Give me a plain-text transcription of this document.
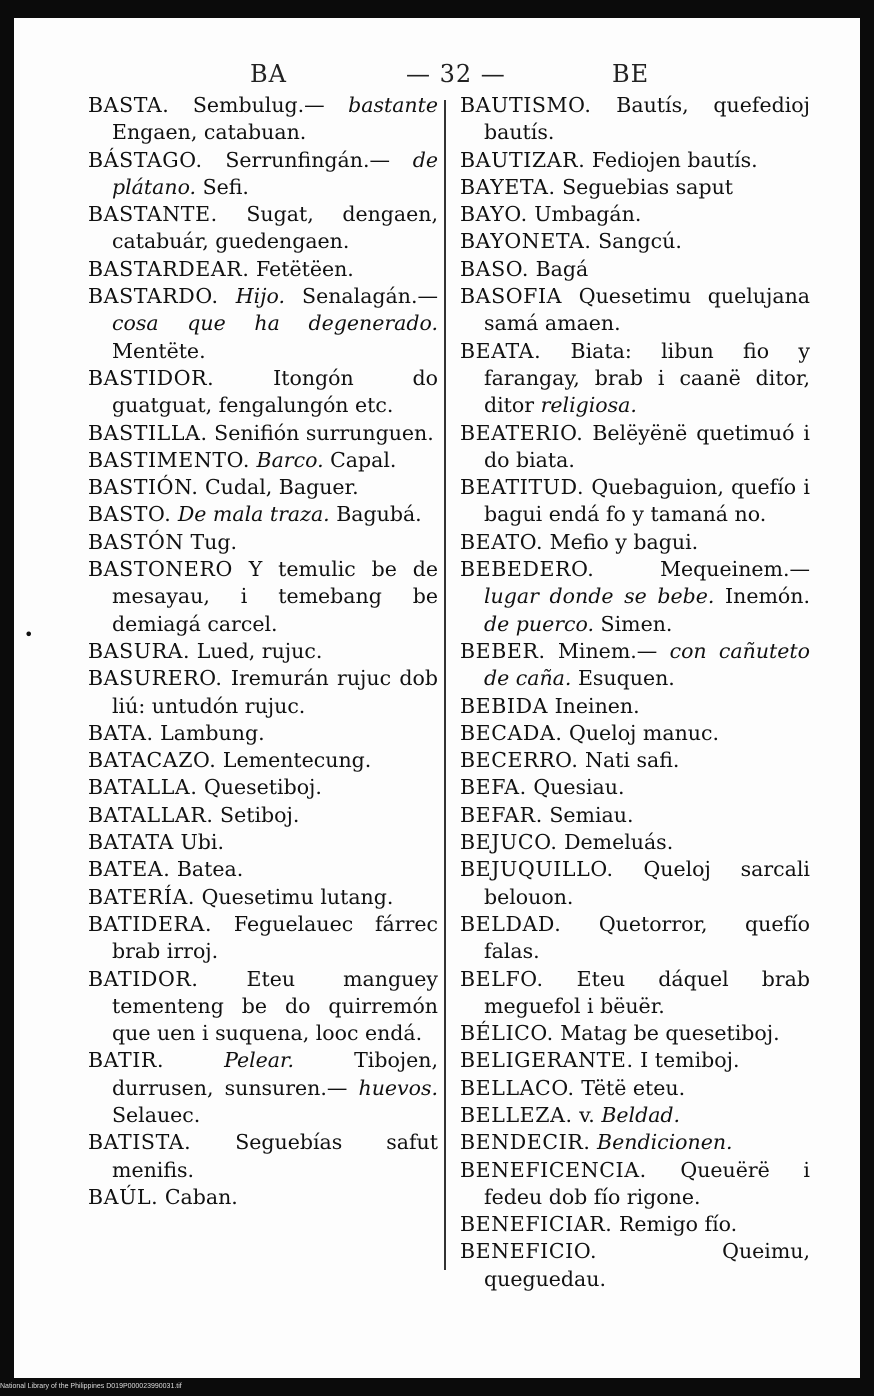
BA	— 32 —	BE
•

BASTA. Sembulug.— bastante Engaen, catabuan.

BÁSTAGO. Serrunfingán.— de plátano. Sefi.

BASTANTE. Sugat, dengaen, catabuár, guedengaen.

BASTARDEAR. Fetëtëen.

BASTARDO. Hijo. Senalagán.— cosa que ha degenerado. Mentëte.

BASTIDOR.	Itongón do guatguat, fengalungón etc.

BASTILLA. Senifión surrunguen.

BASTIMENTO. Barco. Capal.

BASTIÓN. Cudal, Baguer.

BASTO. De mala traza. Bagubá.

BASTÓN Tug.

BASTONERO Y temulic be de mesayau, i temebang be demiagá carcel.

BASURA. Lued, rujuc.

BASURERO. Iremurán rujuc dob liú: untudón rujuc.

BATA. Lambung.

BATACAZO. Lementecung.

BATALLA. Quesetiboj.

BATALLAR. Setiboj.

BATATA Ubi.

BATEA. Batea.

BATERÍA. Quesetimu lutang.

BATIDERA. Feguelauec fárrec brab irroj.

BATIDOR. Eteu manguey tementeng be do quirremón que uen i suquena, looc endá.

BATIR.	Pelear. Tibojen, durrusen, sunsuren.— huevos. Selauec.

BATISTA. Seguebías safut menifis.

BAÚL. Caban.

BAUTISMO. Bautís, quefedioj bautís.

BAUTIZAR. Fediojen bautís.

BAYETA. Seguebias saput

BAYO. Umbagán.

BAYONETA. Sangcú.

BASO. Bagá

BASOFIA Quesetimu quelujana samá amaen.

BEATA. Biata: libun fio y farangay, brab i caanë ditor, ditor religiosa.

BEATERIO. Belëyënë quetimuó i do biata.

BEATITUD. Quebaguion, quefío i bagui endá fo y tamaná no.

BEATO. Mefio y bagui.

BEBEDERO.	Mequeinem.— lugar donde se bebe. Inemón. de puerco. Simen.

BEBER. Minem.— con cañuteto de caña. Esuquen.

BEBIDA Ineinen.

BECADA. Queloj manuc.

BECERRO. Nati safi.

BEFA. Quesiau.

BEFAR. Semiau.

BEJUCO. Demeluás.

BEJUQUILLO. Queloj sarcali belouon.

BELDAD. Quetorror, quefío falas.

BELFO. Eteu dáquel brab meguefol i bëuër.

BÉLICO. Matag be quesetiboj.

BELIGERANTE. I temiboj.

BELLACO. Tëtë eteu.

BELLEZA. v. Beldad.

BENDECIR. Bendicionen.

BENEFICENCIA. Queuërë i fedeu dob fío rigone.

BENEFICIAR. Remigo fío.

BENEFICIO.	Queimu, queguedau.

National Library of the Philippines D019P000023990031.tif
